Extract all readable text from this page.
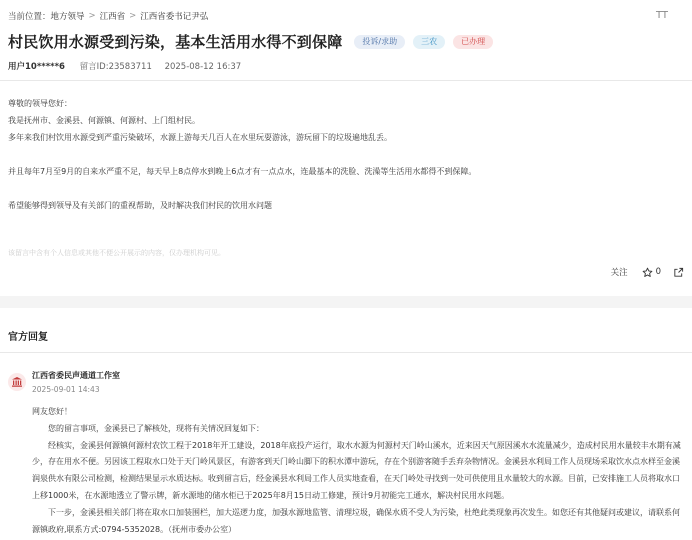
当前位置： 地方领导 > 江西省 > 江西省委书记尹弘	TT
村民饮用水源受到污染，基本生活用水得不到保障	投诉/求助	三农	已办理
用户10*****6 留言ID:23583711 2025-08-12 16:37

尊敬的领导您好：

我是抚州市、金溪县、何源镇、何源村、上门组村民。

多年来我们村饮用水源受到严重污染破坏，水源上游每天几百人在水里玩耍游泳，游玩留下的垃圾遍地乱丢。

并且每年7月至9月的自来水严重不足，每天早上8点停水到晚上6点才有一点点水，连最基本的洗脸、洗澡等生活用水都得不到保障。

希望能够得到领导及有关部门的重视帮助，及时解决我们村民的饮用水问题

该留言中含有个人信息或其他不便公开展示的内容，仅办理机构可见。
关注	0
官方回复
江西省委民声通道工作室
2025-09-01 14:43

网友您好！

您的留言事项，金溪县已了解核处，现将有关情况回复如下：

经核实，金溪县何源镇何源村农饮工程于2018年开工建设，2018年底投产运行，取水水源为何源村天门岭山溪水，近来因天气原因溪水水流量减少，造成村民用水量较丰水期有减少，存在用水不便。另因该工程取水口处于天门岭风景区，有游客到天门岭山脚下的积水潭中游玩，存在个别游客随手丢弃杂物情况。金溪县水利局工作人员现场采取饮水点水样至金溪润泉供水有限公司检测，检测结果显示水质达标。收到留言后，经金溪县水利局工作人员实地查看，在天门岭处寻找到一处可供使用且水量较大的水源。目前，已安排施工人员将取水口上移1000米，在水源地透立了警示牌，新水源地的储水柜已于2025年8月15日动工修建，预计9月初能完工通水，解决村民用水问题。

下一步，金溪县相关部门将在取水口加装围栏，加大巡逻力度，加强水源地监管、清理垃圾，确保水质不受人为污染，杜绝此类现象再次发生。如您还有其他疑问或建议，请联系何源镇政府,联系方式:0794-5352028。（抚州市委办公室）
